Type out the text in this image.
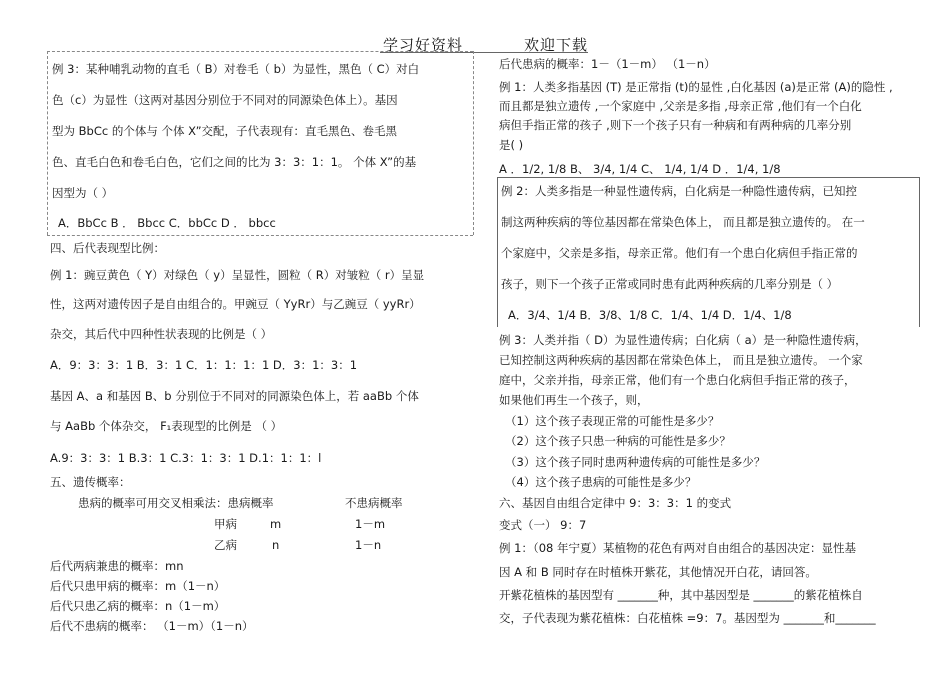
学习好资料	欢迎下载
例 3：某种哺乳动物的直毛（ B）对卷毛（ b）为显性，黑色（ C）对白
色（c）为显性（这两对基因分别位于不同对的同源染色体上）。基因
型为 BbCc 的个体与 个体 X”交配，子代表现有：直毛黑色、卷毛黑
色、直毛白色和卷毛白色，它们之间的比为 3：3：1：1。 个体 X”的基
因型为（ ）
A．BbCc B ． Bbcc C．bbCc D ． bbcc
四、后代表现型比例：
例 1：豌豆黄色（ Y）对绿色（ y）呈显性，圆粒（ R）对皱粒（ r）呈显
性，这两对遗传因子是自由组合的。甲豌豆（ YyRr）与乙豌豆（ yyRr）
杂交，其后代中四种性状表现的比例是（ ）
A．9：3：3：1 B．3：1 C．1：1：1：1 D．3：1：3：1
基因 A、a 和基因 B、b 分别位于不同对的同源染色体上，若 aaBb 个体
与 AaBb 个体杂交， F₁表现型的比例是 （ ）
A.9：3：3：1 B.3：1 C.3：1：3：1 D.1：1：1：l
五、遗传概率：
患病的概率可用交叉相乘法：患病概率	不患病概率
甲病	m	1－m
乙病	n	1－n
后代两病兼患的概率：mn
后代只患甲病的概率：m（1－n）
后代只患乙病的概率：n（1－m）
后代不患病的概率： （1－m）（1－n）
后代患病的概率：1－（1－m） （1－n）
例 1：人类多指基因 (T) 是正常指 (t)的显性 ,白化基因 (a)是正常 (A)的隐性 ,
而且都是独立遗传 ,一个家庭中 ,父亲是多指 ,母亲正常 ,他们有一个白化
病但手指正常的孩子 ,则下一个孩子只有一种病和有两种病的几率分别
是( )
A ．1/2, 1/8 B、 3/4, 1/4 C、 1/4, 1/4 D ．1/4, 1/8
例 2：人类多指是一种显性遗传病，白化病是一种隐性遗传病，已知控
制这两种疾病的等位基因都在常染色体上， 而且都是独立遗传的。 在一
个家庭中，父亲是多指，母亲正常。他们有一个患白化病但手指正常的
孩子，则下一个孩子正常或同时患有此两种疾病的几率分别是（ ）
A．3/4、1/4 B．3/8、1/8 C．1/4、1/4 D．1/4、1/8
例 3：人类并指（ D）为显性遗传病；白化病（ a）是一种隐性遗传病，
已知控制这两种疾病的基因都在常染色体上， 而且是独立遗传。 一个家
庭中，父亲并指，母亲正常，他们有一个患白化病但手指正常的孩子，
如果他们再生一个孩子，则，
（1）这个孩子表现正常的可能性是多少？
（2）这个孩子只患一种病的可能性是多少？
（3）这个孩子同时患两种遗传病的可能性是多少？
（4）这个孩子患病的可能性是多少？
六、基因自由组合定律中 9：3：3：1 的变式
变式（一） 9：7
例 1：（08 年宁夏）某植物的花色有两对自由组合的基因决定：显性基
因 A 和 B 同时存在时植株开紫花，其他情况开白花，请回答。
开紫花植株的基因型有 _______种，其中基因型是 _______的紫花植株自
交，子代表现为紫花植株：白花植株 =9：7。基因型为 _______和_______
